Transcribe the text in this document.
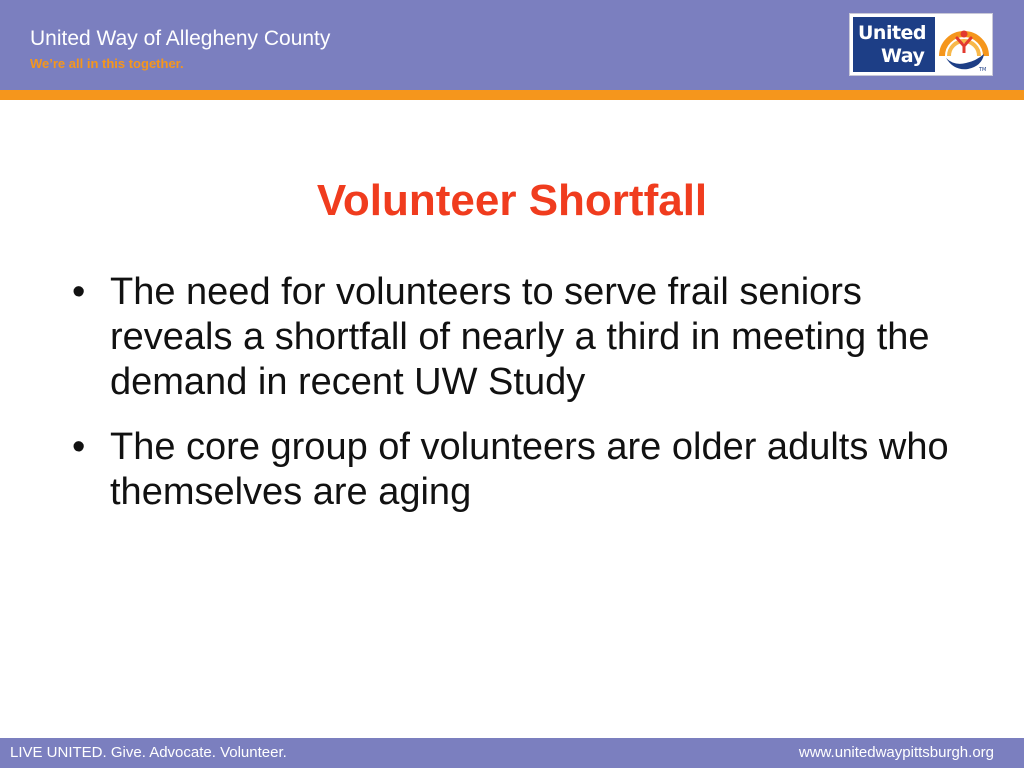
United Way of Allegheny County
We’re all in this together.
United
Way
TM
Volunteer Shortfall
• The need for volunteers to serve frail seniors reveals a shortfall of nearly a third in meeting the demand in recent UW Study
• The core group of volunteers are older adults who themselves are aging
LIVE UNITED. Give. Advocate. Volunteer.	www.unitedwaypittsburgh.org
